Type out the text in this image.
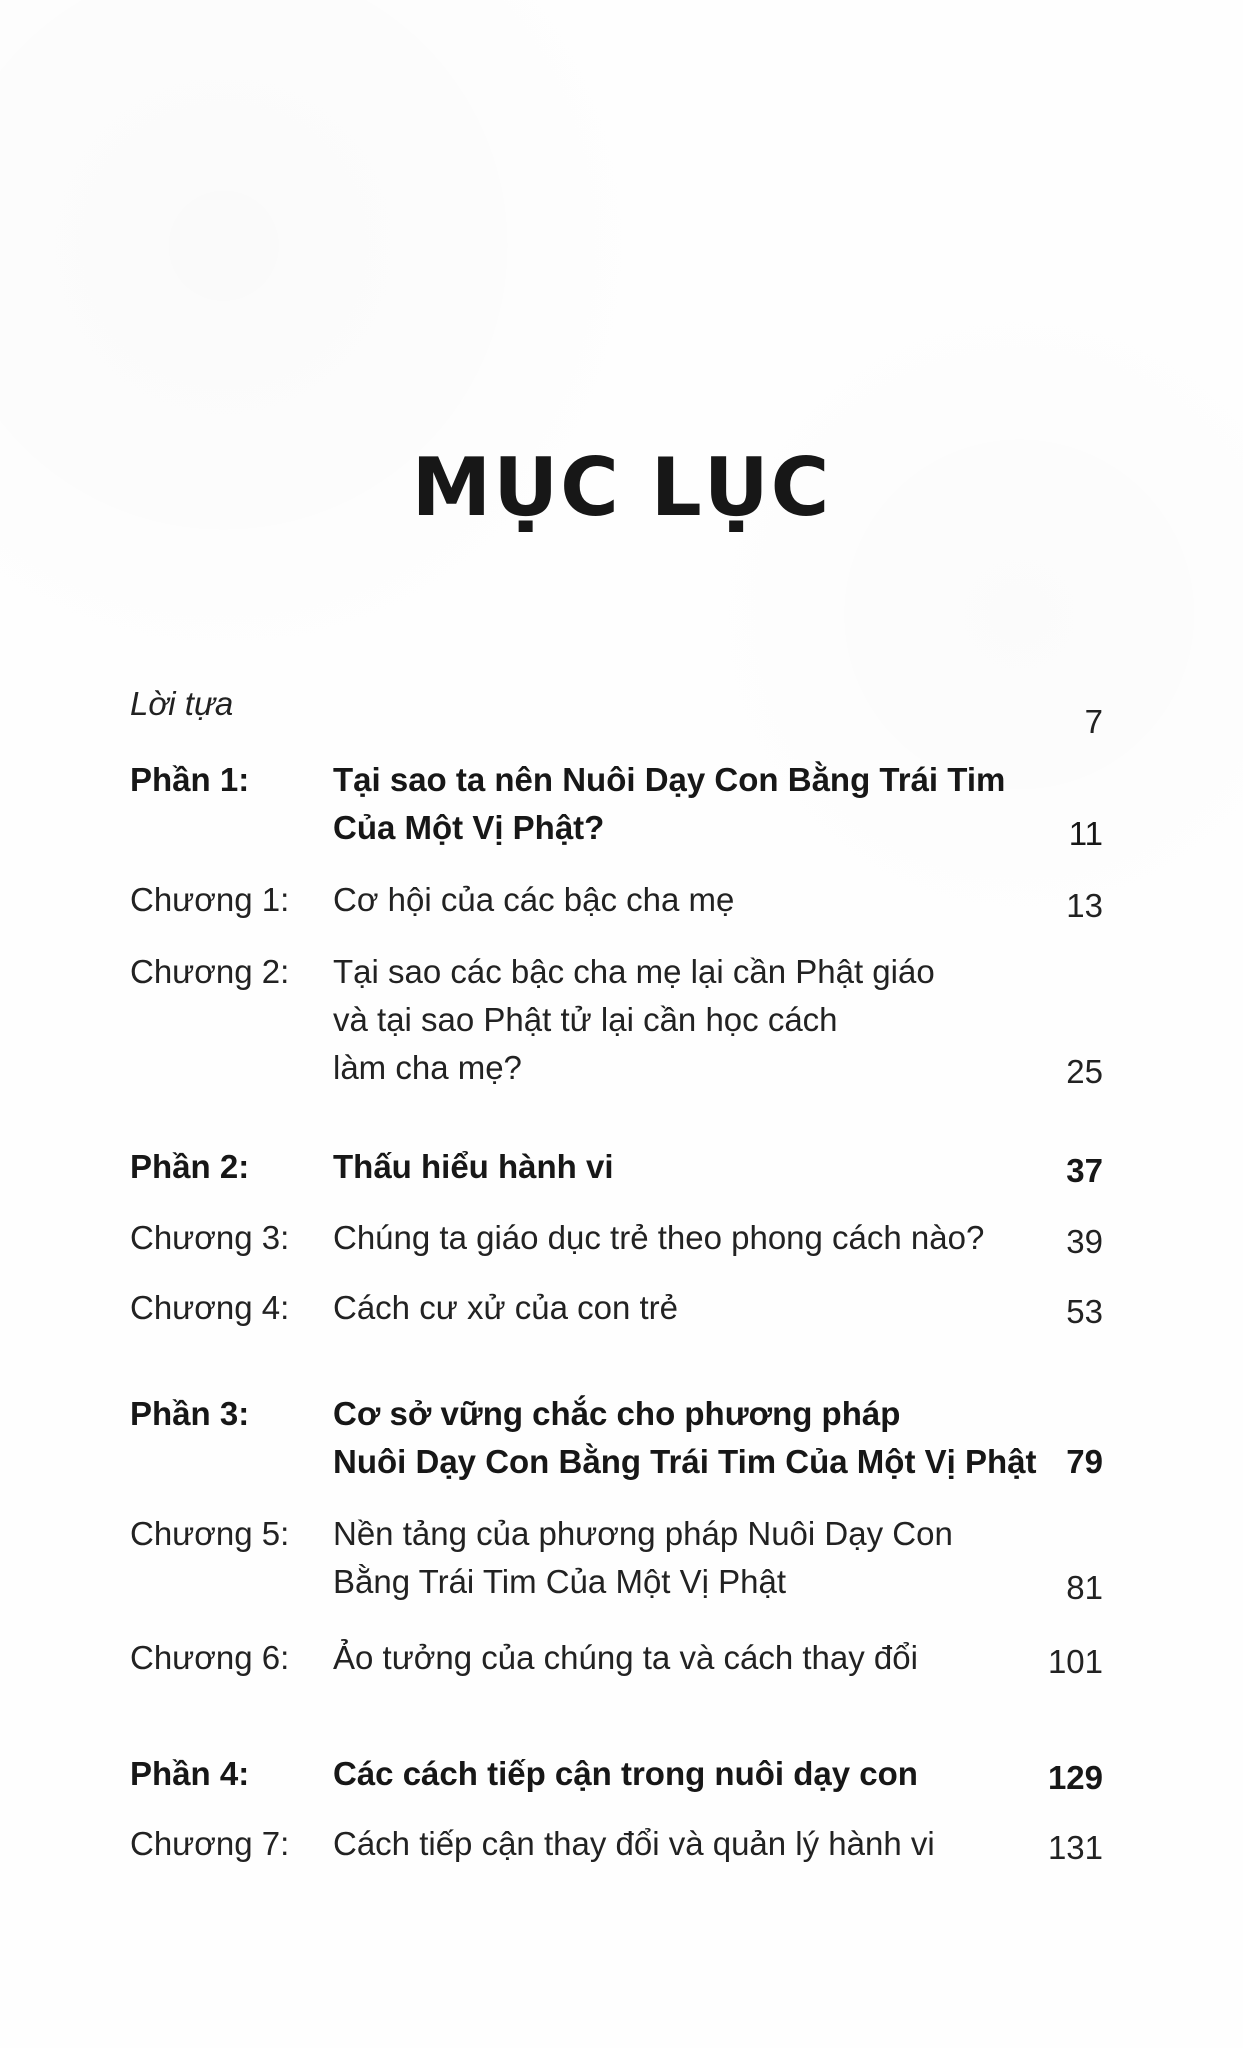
MỤC LỤC
Lời tựa	7
Phần 1:	Tại sao ta nên Nuôi Dạy Con Bằng Trái Tim
Của Một Vị Phật?	11
Chương 1:	Cơ hội của các bậc cha mẹ	13
Chương 2:	Tại sao các bậc cha mẹ lại cần Phật giáo
và tại sao Phật tử lại cần học cách
làm cha mẹ?	25
Phần 2:	Thấu hiểu hành vi	37
Chương 3:	Chúng ta giáo dục trẻ theo phong cách nào?	39
Chương 4:	Cách cư xử của con trẻ	53
Phần 3:	Cơ sở vững chắc cho phương pháp
Nuôi Dạy Con Bằng Trái Tim Của Một Vị Phật 79
Chương 5:	Nền tảng của phương pháp Nuôi Dạy Con
Bằng Trái Tim Của Một Vị Phật	81
Chương 6:	Ảo tưởng của chúng ta và cách thay đổi	101
Phần 4:	Các cách tiếp cận trong nuôi dạy con	129
Chương 7:	Cách tiếp cận thay đổi và quản lý hành vi	131
